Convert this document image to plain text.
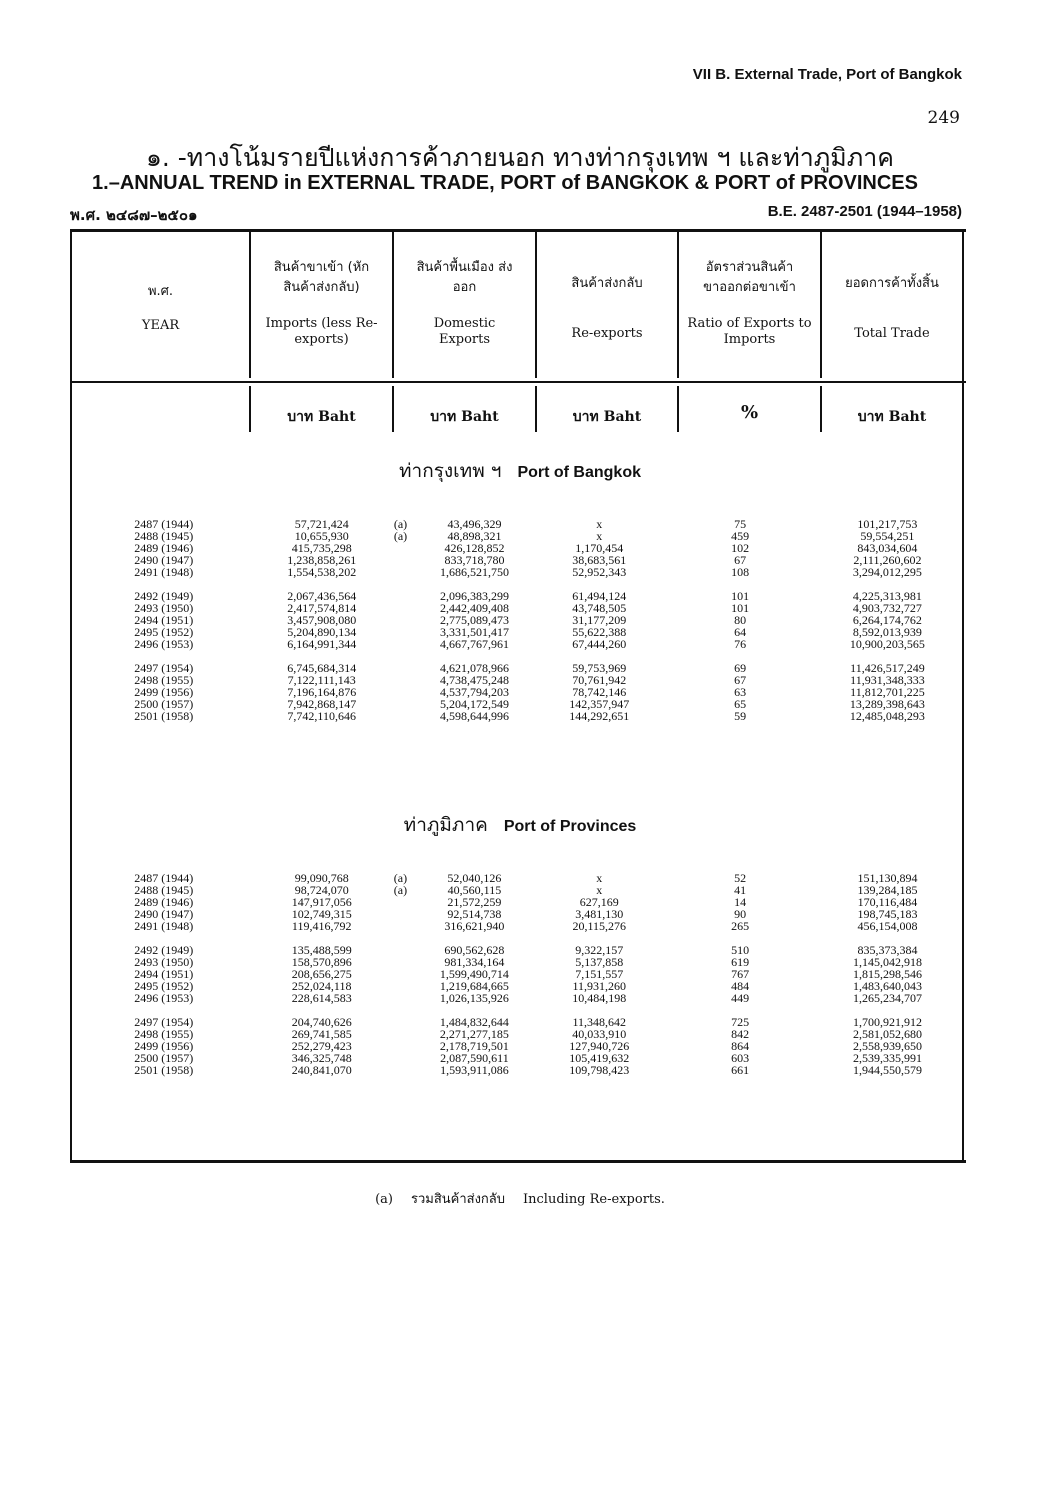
VII B. External Trade, Port of Bangkok
249
๑. -ทางโน้มรายปีแห่งการค้าภายนอก ทางท่ากรุงเทพ ฯ และท่าภูมิภาค
1.–ANNUAL TREND in EXTERNAL TRADE, PORT of BANGKOK & PORT of PROVINCES
พ.ศ. ๒๔๘๗–๒๕๐๑	B.E. 2487-2501 (1944–1958)
พ.ศ.
YEAR
สินค้าขาเข้า (หักสินค้าส่งกลับ)
Imports (less Re-exports)
สินค้าพื้นเมือง ส่งออก
Domestic Exports
สินค้าส่งกลับ
Re-exports
อัตราส่วนสินค้า ขาออกต่อขาเข้า
Ratio of Exports to Imports
ยอดการค้าทั้งสิ้น
Total Trade
บาท Baht	บาท Baht	บาท Baht	%	บาท Baht
ท่ากรุงเทพ ฯ Port of Bangkok
2487 (1944)	57,721,424	(a)	43,496,329	x	75	101,217,753
2488 (1945)	10,655,930	(a)	48,898,321	x	459	59,554,251
2489 (1946)	415,735,298		426,128,852	1,170,454	102	843,034,604
2490 (1947)	1,238,858,261		833,718,780	38,683,561	67	2,111,260,602
2491 (1948)	1,554,538,202		1,686,521,750	52,952,343	108	3,294,012,295

2492 (1949)	2,067,436,564		2,096,383,299	61,494,124	101	4,225,313,981
2493 (1950)	2,417,574,814		2,442,409,408	43,748,505	101	4,903,732,727
2494 (1951)	3,457,908,080		2,775,089,473	31,177,209	80	6,264,174,762
2495 (1952)	5,204,890,134		3,331,501,417	55,622,388	64	8,592,013,939
2496 (1953)	6,164,991,344		4,667,767,961	67,444,260	76	10,900,203,565

2497 (1954)	6,745,684,314		4,621,078,966	59,753,969	69	11,426,517,249
2498 (1955)	7,122,111,143		4,738,475,248	70,761,942	67	11,931,348,333
2499 (1956)	7,196,164,876		4,537,794,203	78,742,146	63	11,812,701,225
2500 (1957)	7,942,868,147		5,204,172,549	142,357,947	65	13,289,398,643
2501 (1958)	7,742,110,646		4,598,644,996	144,292,651	59	12,485,048,293
ท่าภูมิภาค Port of Provinces
2487 (1944)	99,090,768	(a)	52,040,126	x	52	151,130,894
2488 (1945)	98,724,070	(a)	40,560,115	x	41	139,284,185
2489 (1946)	147,917,056		21,572,259	627,169	14	170,116,484
2490 (1947)	102,749,315		92,514,738	3,481,130	90	198,745,183
2491 (1948)	119,416,792		316,621,940	20,115,276	265	456,154,008

2492 (1949)	135,488,599		690,562,628	9,322,157	510	835,373,384
2493 (1950)	158,570,896		981,334,164	5,137,858	619	1,145,042,918
2494 (1951)	208,656,275		1,599,490,714	7,151,557	767	1,815,298,546
2495 (1952)	252,024,118		1,219,684,665	11,931,260	484	1,483,640,043
2496 (1953)	228,614,583		1,026,135,926	10,484,198	449	1,265,234,707

2497 (1954)	204,740,626		1,484,832,644	11,348,642	725	1,700,921,912
2498 (1955)	269,741,585		2,271,277,185	40,033,910	842	2,581,052,680
2499 (1956)	252,279,423		2,178,719,501	127,940,726	864	2,558,939,650
2500 (1957)	346,325,748		2,087,590,611	105,419,632	603	2,539,335,991
2501 (1958)	240,841,070		1,593,911,086	109,798,423	661	1,944,550,579
(a) รวมสินค้าส่งกลับ Including Re-exports.
